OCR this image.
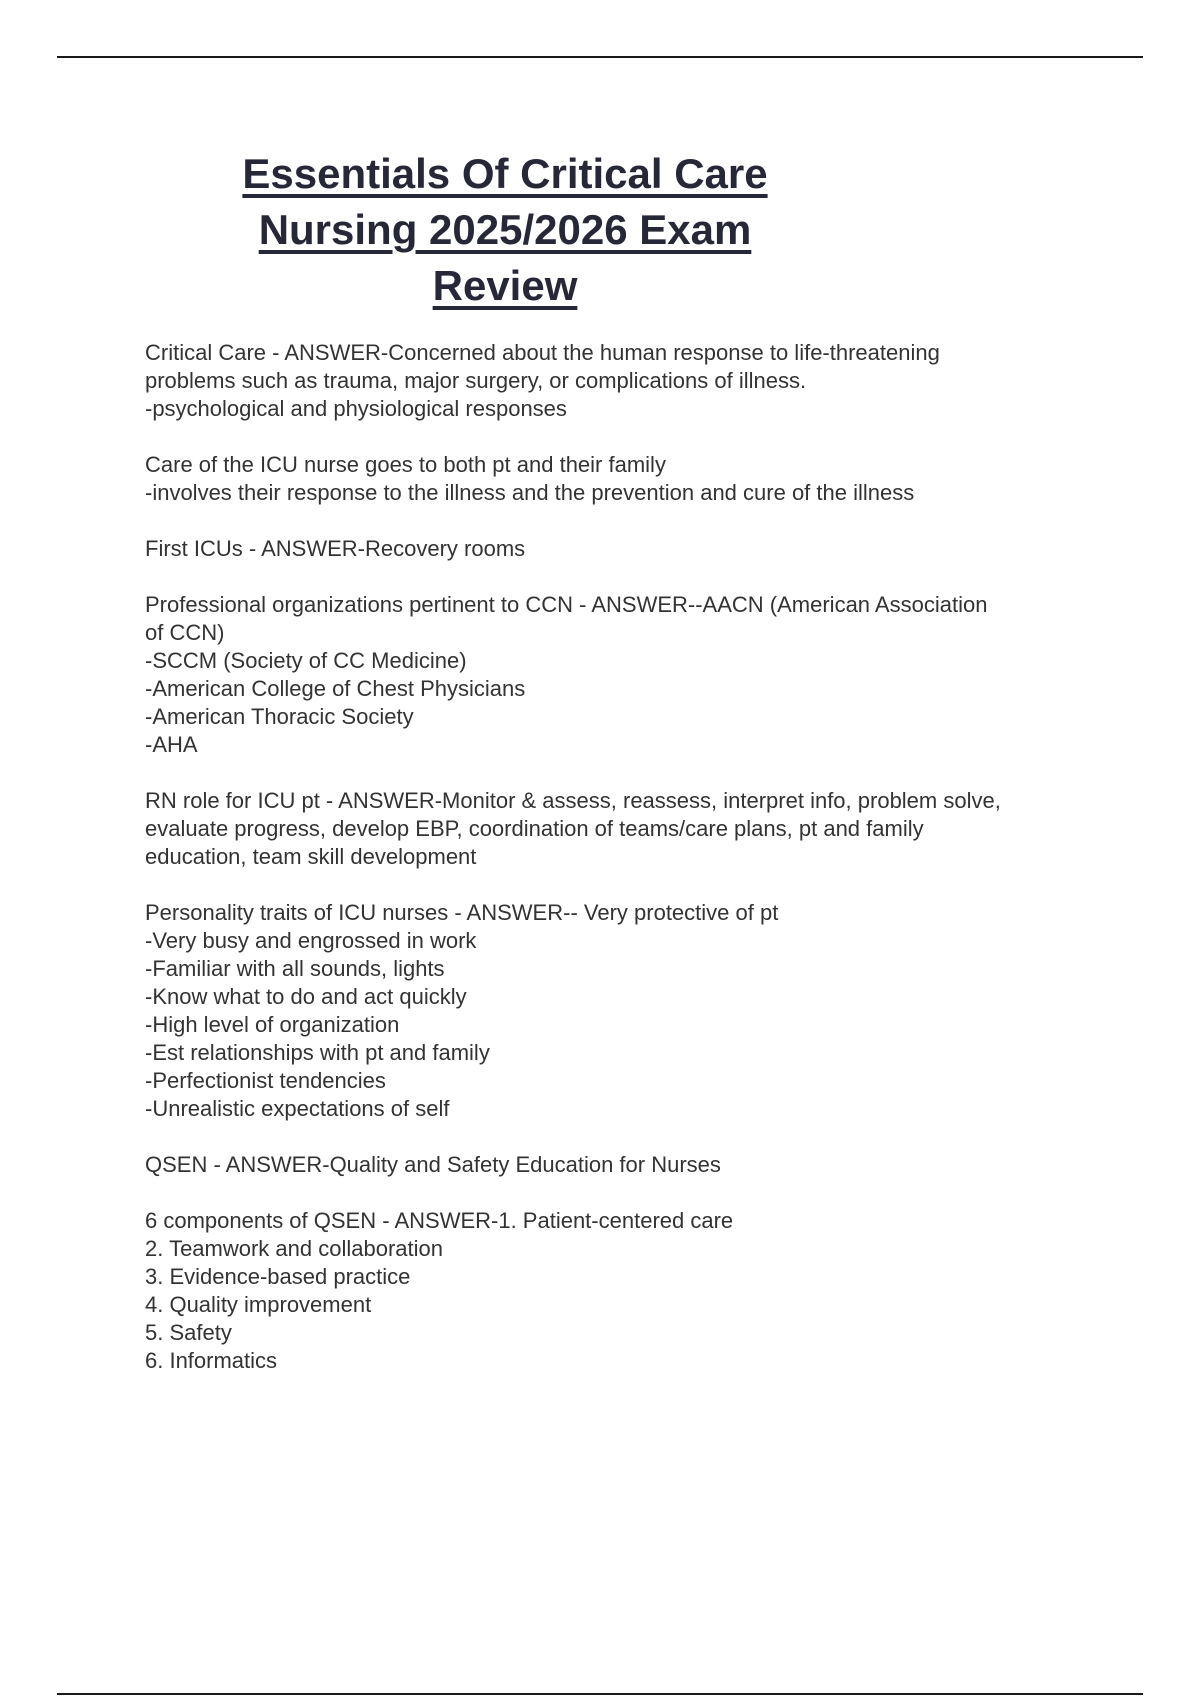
Essentials Of Critical Care
Nursing 2025/2026 Exam
Review
Critical Care - ANSWER-Concerned about the human response to life-threatening
problems such as trauma, major surgery, or complications of illness.
-psychological and physiological responses
Care of the ICU nurse goes to both pt and their family
-involves their response to the illness and the prevention and cure of the illness
First ICUs - ANSWER-Recovery rooms
Professional organizations pertinent to CCN - ANSWER--AACN (American Association
of CCN)
-SCCM (Society of CC Medicine)
-American College of Chest Physicians
-American Thoracic Society
-AHA
RN role for ICU pt - ANSWER-Monitor & assess, reassess, interpret info, problem solve,
evaluate progress, develop EBP, coordination of teams/care plans, pt and family
education, team skill development
Personality traits of ICU nurses - ANSWER-- Very protective of pt
-Very busy and engrossed in work
-Familiar with all sounds, lights
-Know what to do and act quickly
-High level of organization
-Est relationships with pt and family
-Perfectionist tendencies
-Unrealistic expectations of self
QSEN - ANSWER-Quality and Safety Education for Nurses
6 components of QSEN - ANSWER-1. Patient-centered care
2. Teamwork and collaboration
3. Evidence-based practice
4. Quality improvement
5. Safety
6. Informatics
